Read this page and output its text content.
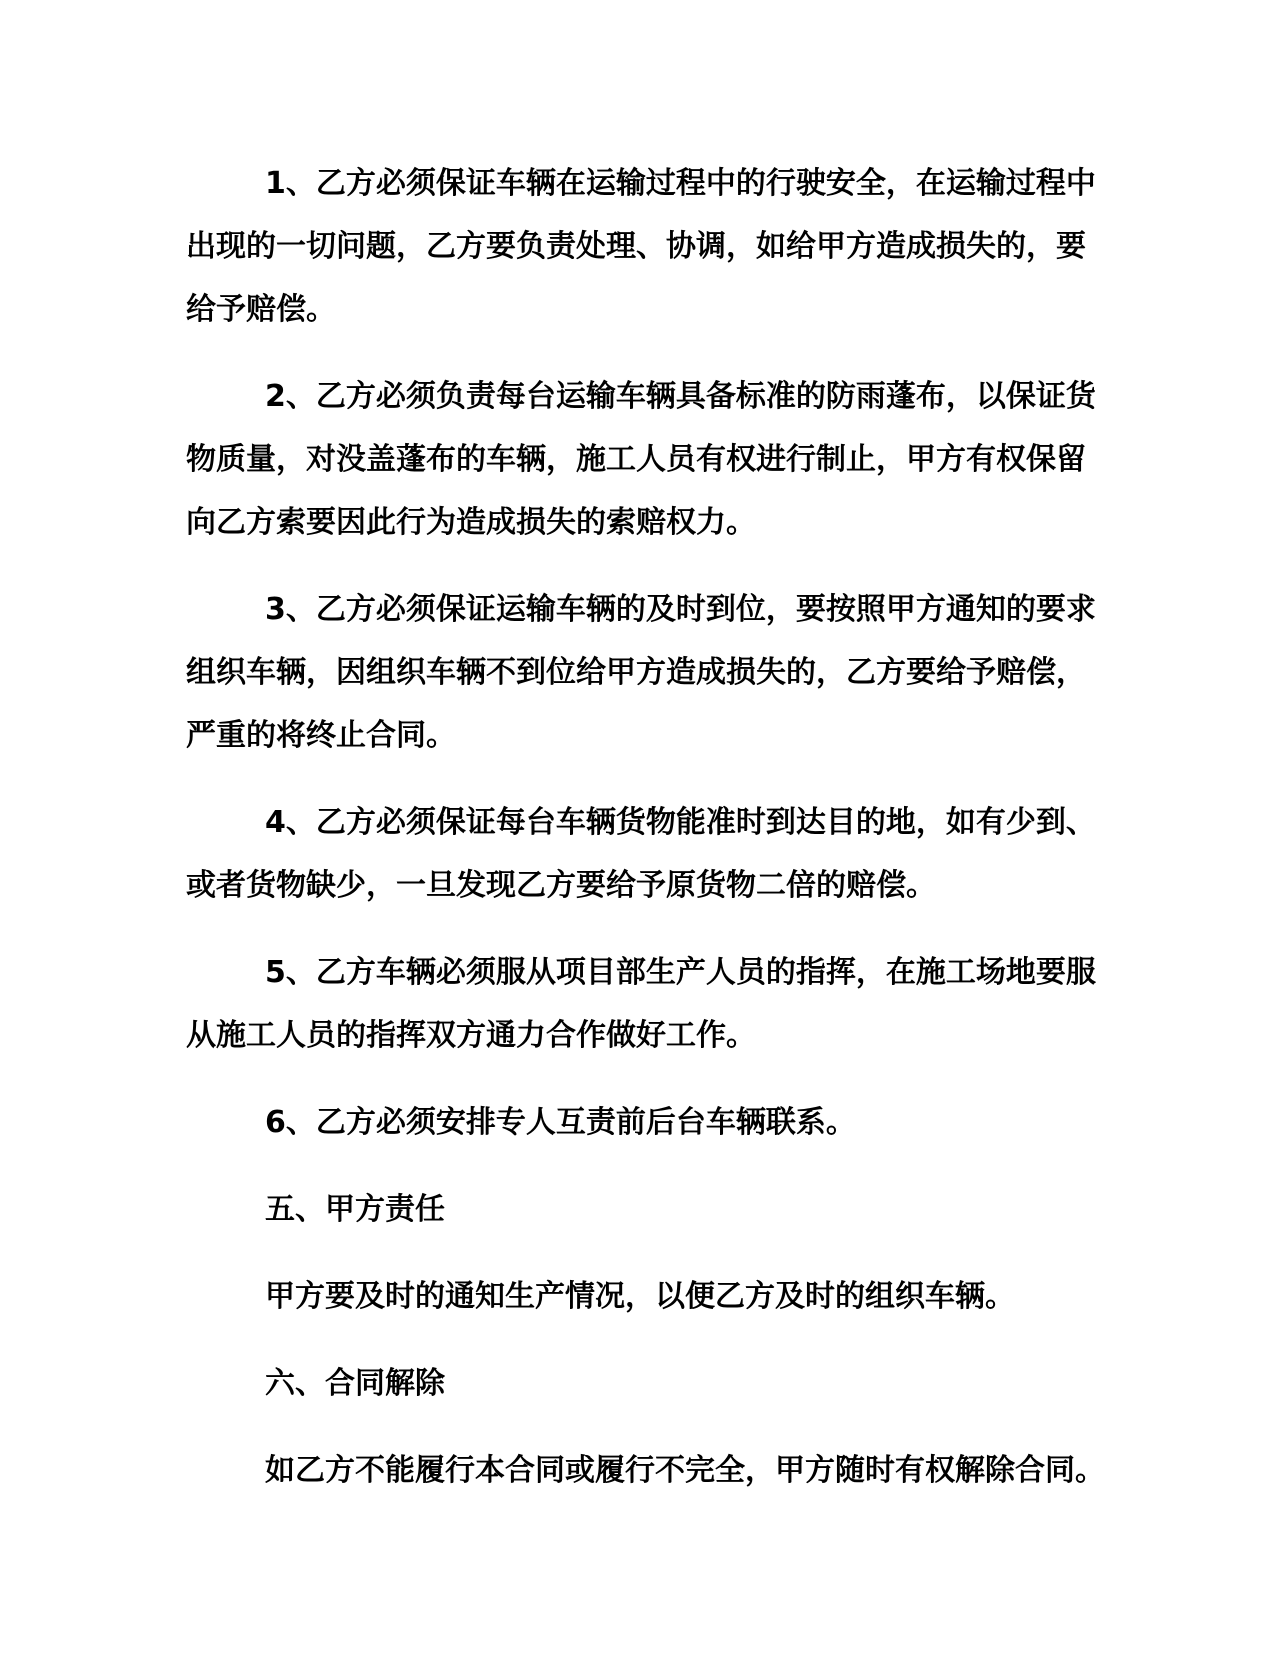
1、乙方必须保证车辆在运输过程中的行驶安全，在运输过程中
出现的一切问题，乙方要负责处理、协调，如给甲方造成损失的，要
给予赔偿。
2、乙方必须负责每台运输车辆具备标准的防雨蓬布，以保证货
物质量，对没盖蓬布的车辆，施工人员有权进行制止，甲方有权保留
向乙方索要因此行为造成损失的索赔权力。
3、乙方必须保证运输车辆的及时到位，要按照甲方通知的要求
组织车辆，因组织车辆不到位给甲方造成损失的，乙方要给予赔偿，
严重的将终止合同。
4、乙方必须保证每台车辆货物能准时到达目的地，如有少到、
或者货物缺少，一旦发现乙方要给予原货物二倍的赔偿。
5、乙方车辆必须服从项目部生产人员的指挥，在施工场地要服
从施工人员的指挥双方通力合作做好工作。
6、乙方必须安排专人互责前后台车辆联系。
五、甲方责任
甲方要及时的通知生产情况，以便乙方及时的组织车辆。
六、合同解除
如乙方不能履行本合同或履行不完全，甲方随时有权解除合同。
